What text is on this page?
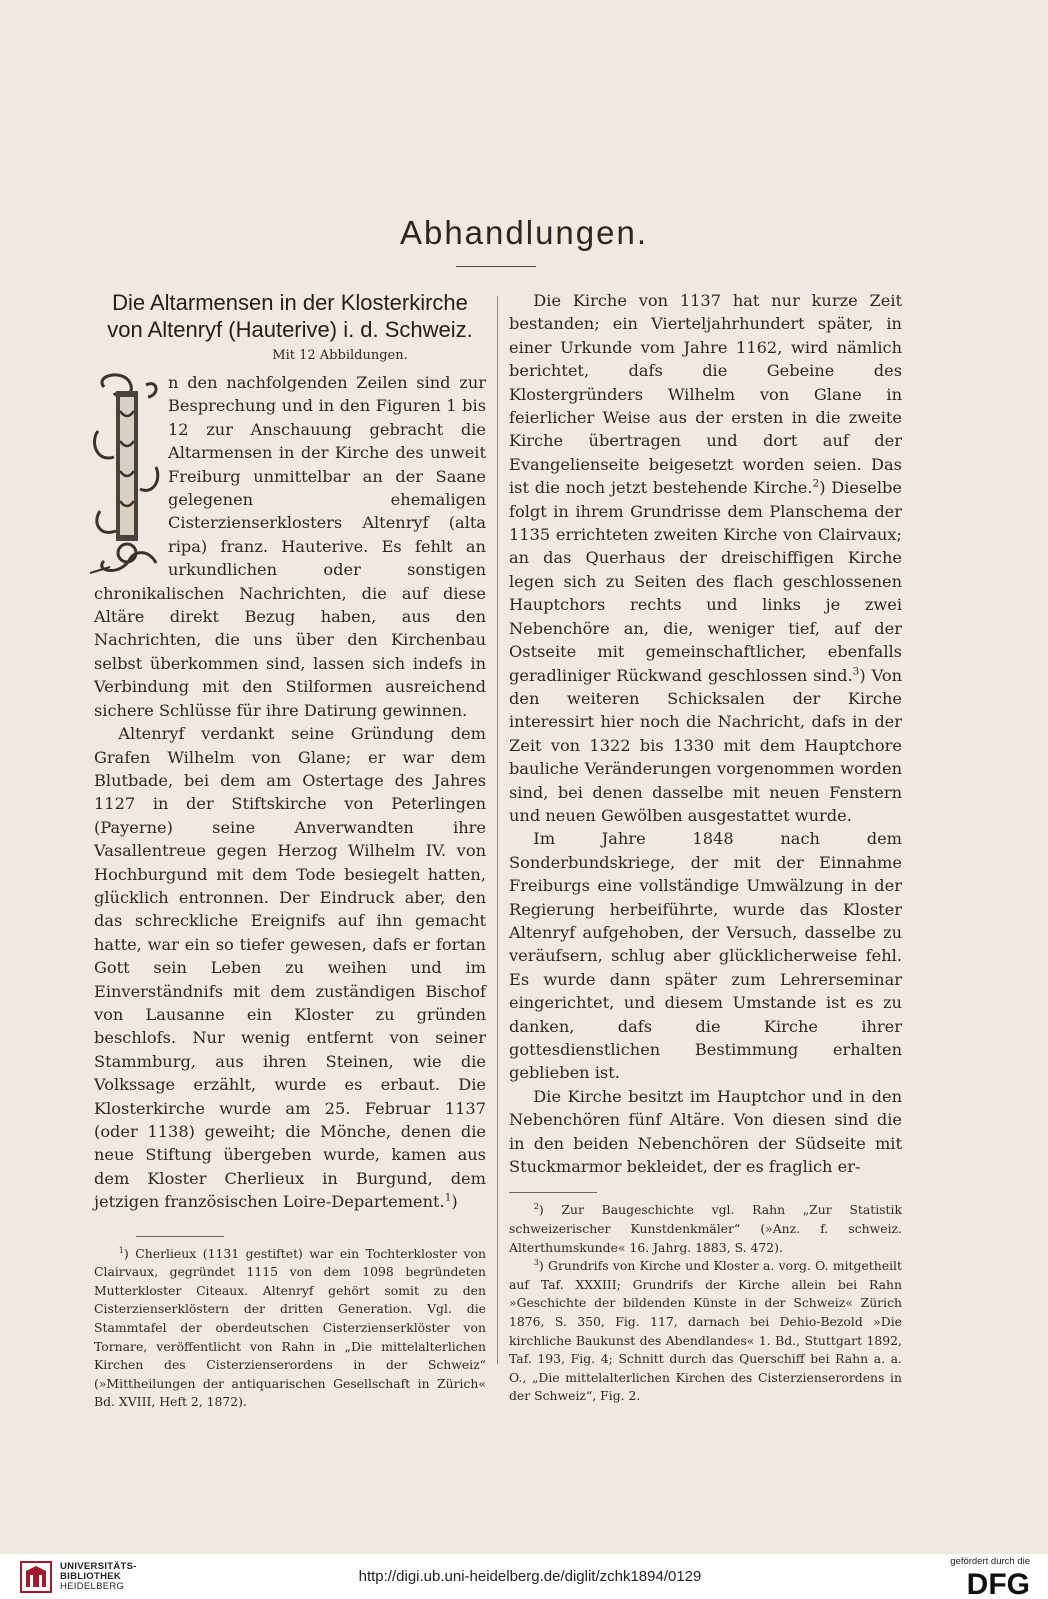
Abhandlungen.
Die Altarmensen in der Klosterkirche
von Altenryf (Hauterive) i. d. Schweiz.
Mit 12 Abbildungen.

n den nachfolgenden Zeilen sind zur Besprechung und in den Figuren 1 bis 12 zur Anschauung gebracht die Altarmensen in der Kirche des unweit Freiburg unmittelbar an der Saane gelegenen ehemaligen Cisterzienserklosters Altenryf (alta ripa) franz. Hauterive. Es fehlt an urkundlichen oder sonstigen chronikalischen Nachrichten, die auf diese Altäre direkt Bezug haben, aus den Nachrichten, die uns über den Kirchenbau selbst überkommen sind, lassen sich indefs in Verbindung mit den Stilformen ausreichend sichere Schlüsse für ihre Datirung gewinnen.

Altenryf verdankt seine Gründung dem Grafen Wilhelm von Glane; er war dem Blutbade, bei dem am Ostertage des Jahres 1127 in der Stiftskirche von Peterlingen (Payerne) seine Anverwandten ihre Vasallentreue gegen Herzog Wilhelm IV. von Hochburgund mit dem Tode besiegelt hatten, glücklich entronnen. Der Eindruck aber, den das schreckliche Ereignifs auf ihn gemacht hatte, war ein so tiefer gewesen, dafs er fortan Gott sein Leben zu weihen und im Einverständnifs mit dem zuständigen Bischof von Lausanne ein Kloster zu gründen beschlofs. Nur wenig entfernt von seiner Stammburg, aus ihren Steinen, wie die Volkssage erzählt, wurde es erbaut. Die Klosterkirche wurde am 25. Februar 1137 (oder 1138) geweiht; die Mönche, denen die neue Stiftung übergeben wurde, kamen aus dem Kloster Cherlieux in Burgund, dem jetzigen französischen Loire-Departement.$^1$)

$^1$) Cherlieux (1131 gestiftet) war ein Tochterkloster von Clairvaux, gegründet 1115 von dem 1098 begründeten Mutterkloster Citeaux. Altenryf gehört somit zu den Cisterzienserklöstern der dritten Generation. Vgl. die Stammtafel der oberdeutschen Cisterzienserklöster von Tornare, veröffentlicht von Rahn in „Die mittelalterlichen Kirchen des Cisterzienserordens in der Schweiz“ (»Mittheilungen der antiquarischen Gesellschaft in Zürich« Bd. XVIII, Heft 2, 1872).

Die Kirche von 1137 hat nur kurze Zeit bestanden; ein Vierteljahrhundert später, in einer Urkunde vom Jahre 1162, wird nämlich berichtet, dafs die Gebeine des Klostergründers Wilhelm von Glane in feierlicher Weise aus der ersten in die zweite Kirche übertragen und dort auf der Evangelienseite beigesetzt worden seien. Das ist die noch jetzt bestehende Kirche.$^2$) Dieselbe folgt in ihrem Grundrisse dem Planschema der 1135 errichteten zweiten Kirche von Clairvaux; an das Querhaus der dreischiffigen Kirche legen sich zu Seiten des flach geschlossenen Hauptchors rechts und links je zwei Nebenchöre an, die, weniger tief, auf der Ostseite mit gemeinschaftlicher, ebenfalls geradliniger Rückwand geschlossen sind.$^3$) Von den weiteren Schicksalen der Kirche interessirt hier noch die Nachricht, dafs in der Zeit von 1322 bis 1330 mit dem Hauptchore bauliche Veränderungen vorgenommen worden sind, bei denen dasselbe mit neuen Fenstern und neuen Gewölben ausgestattet wurde.

Im Jahre 1848 nach dem Sonderbundskriege, der mit der Einnahme Freiburgs eine vollständige Umwälzung in der Regierung herbeiführte, wurde das Kloster Altenryf aufgehoben, der Versuch, dasselbe zu veräufsern, schlug aber glücklicherweise fehl. Es wurde dann später zum Lehrerseminar eingerichtet, und diesem Umstande ist es zu danken, dafs die Kirche ihrer gottesdienstlichen Bestimmung erhalten geblieben ist.

Die Kirche besitzt im Hauptchor und in den Nebenchören fünf Altäre. Von diesen sind die in den beiden Nebenchören der Südseite mit Stuckmarmor bekleidet, der es fraglich er-

$^2$) Zur Baugeschichte vgl. Rahn „Zur Statistik schweizerischer Kunstdenkmäler“ (»Anz. f. schweiz. Alterthumskunde« 16. Jahrg. 1883, S. 472).

$^3$) Grundrifs von Kirche und Kloster a. vorg. O. mitgetheilt auf Taf. XXXIII; Grundrifs der Kirche allein bei Rahn »Geschichte der bildenden Künste in der Schweiz« Zürich 1876, S. 350, Fig. 117, darnach bei Dehio-Bezold »Die kirchliche Baukunst des Abendlandes« 1. Bd., Stuttgart 1892, Taf. 193, Fig. 4; Schnitt durch das Querschiff bei Rahn a. a. O., „Die mittelalterlichen Kirchen des Cisterzienserordens in der Schweiz“, Fig. 2.

UNIVERSITÄTS-
BIBLIOTHEK
HEIDELBERG
http://digi.ub.uni-heidelberg.de/diglit/zchk1894/0129
gefördert durch die
DFG
